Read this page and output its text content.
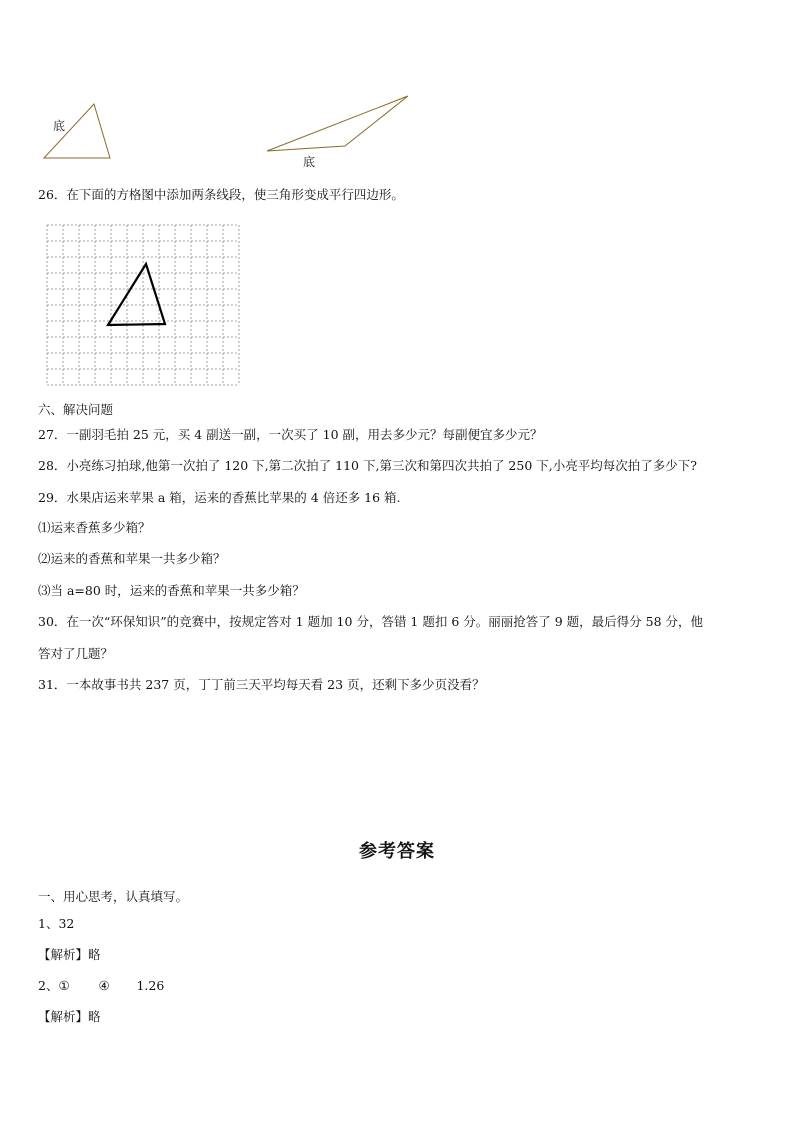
底
底
26．在下面的方格图中添加两条线段，使三角形变成平行四边形。
六、解决问题
27．一副羽毛拍 25 元，买 4 副送一副，一次买了 10 副，用去多少元？每副便宜多少元？
28．小亮练习拍球,他第一次拍了 120 下,第二次拍了 110 下,第三次和第四次共拍了 250 下,小亮平均每次拍了多少下?
29．水果店运来苹果 a 箱，运来的香蕉比苹果的 4 倍还多 16 箱.
⑴运来香蕉多少箱？
⑵运来的香蕉和苹果一共多少箱？
⑶当 a=80 时，运来的香蕉和苹果一共多少箱？
30．在一次“环保知识”的竞赛中，按规定答对 1 题加 10 分，答错 1 题扣 6 分。丽丽抢答了 9 题，最后得分 58 分，他
答对了几题？
31．一本故事书共 237 页，丁丁前三天平均每天看 23 页，还剩下多少页没看？
参考答案
一、用心思考，认真填写。
1、32
【解析】略
2、① ④ 1.26
【解析】略
